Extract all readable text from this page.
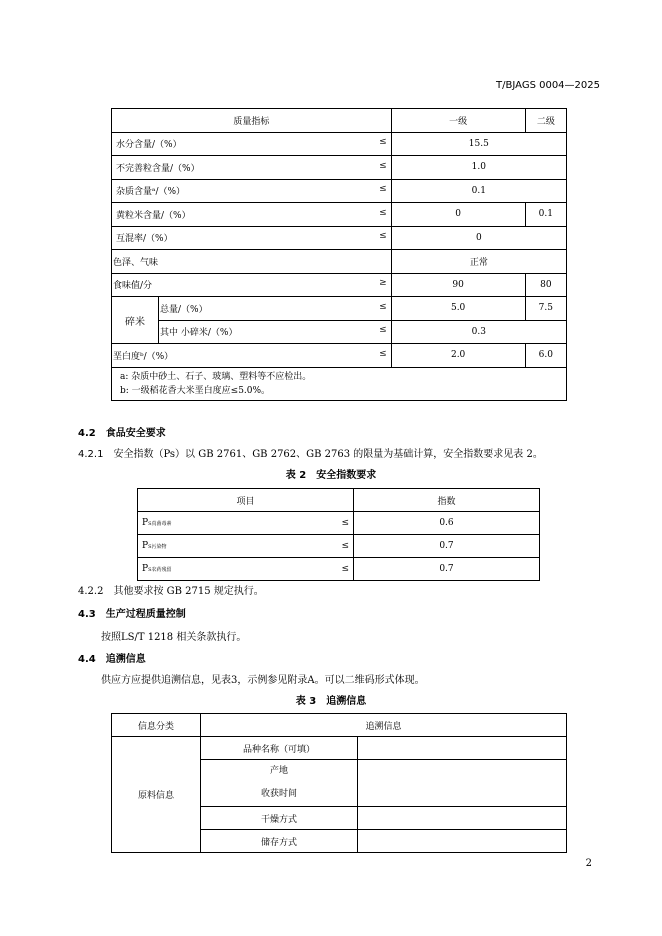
T/BJAGS 0004—2025
质量指标		一级	二级
水分含量/（%） ≤		15.5	
不完善粒含量/（%） ≤		1.0	
杂质含量ᵃ/（%） ≤		0.1	
黄粒米含量/（%） ≤		0	0.1
互混率/（%） ≤		0	
色泽、气味		正常	
食味值/分 ≥		90	80
碎米	总量/（%） ≤	5.0	7.5
	其中 小碎米/（%） ≤	0.3	
垩白度ᵇ/（%） ≤		2.0	6.0

a: 杂质中砂土、石子、玻璃、塑料等不应检出。
b: 一级稻花香大米垩白度应≤5.0%。			
4.2　 食品安全要求
4.2.1　 安全指数（Ps）以 GB 2761、GB 2762、GB 2763 的限量为基础计算，安全指数要求见表 2。
表 2　安全指数要求
项目	指数
PS真菌毒素 ≤	0.6
PS污染物 ≤	0.7
PS农药残留 ≤	0.7
4.2.2　 其他要求按 GB 2715 规定执行。
4.3　 生产过程质量控制
按照LS/T 1218 相关条款执行。
4.4　 追溯信息
供应方应提供追溯信息，见表3，示例参见附录A。可以二维码形式体现。
表 3　追溯信息
信息分类	追溯信息	
原料信息	品种名称（可填）	

	产地
收获时间	

	干燥方式	
	储存方式	
2
